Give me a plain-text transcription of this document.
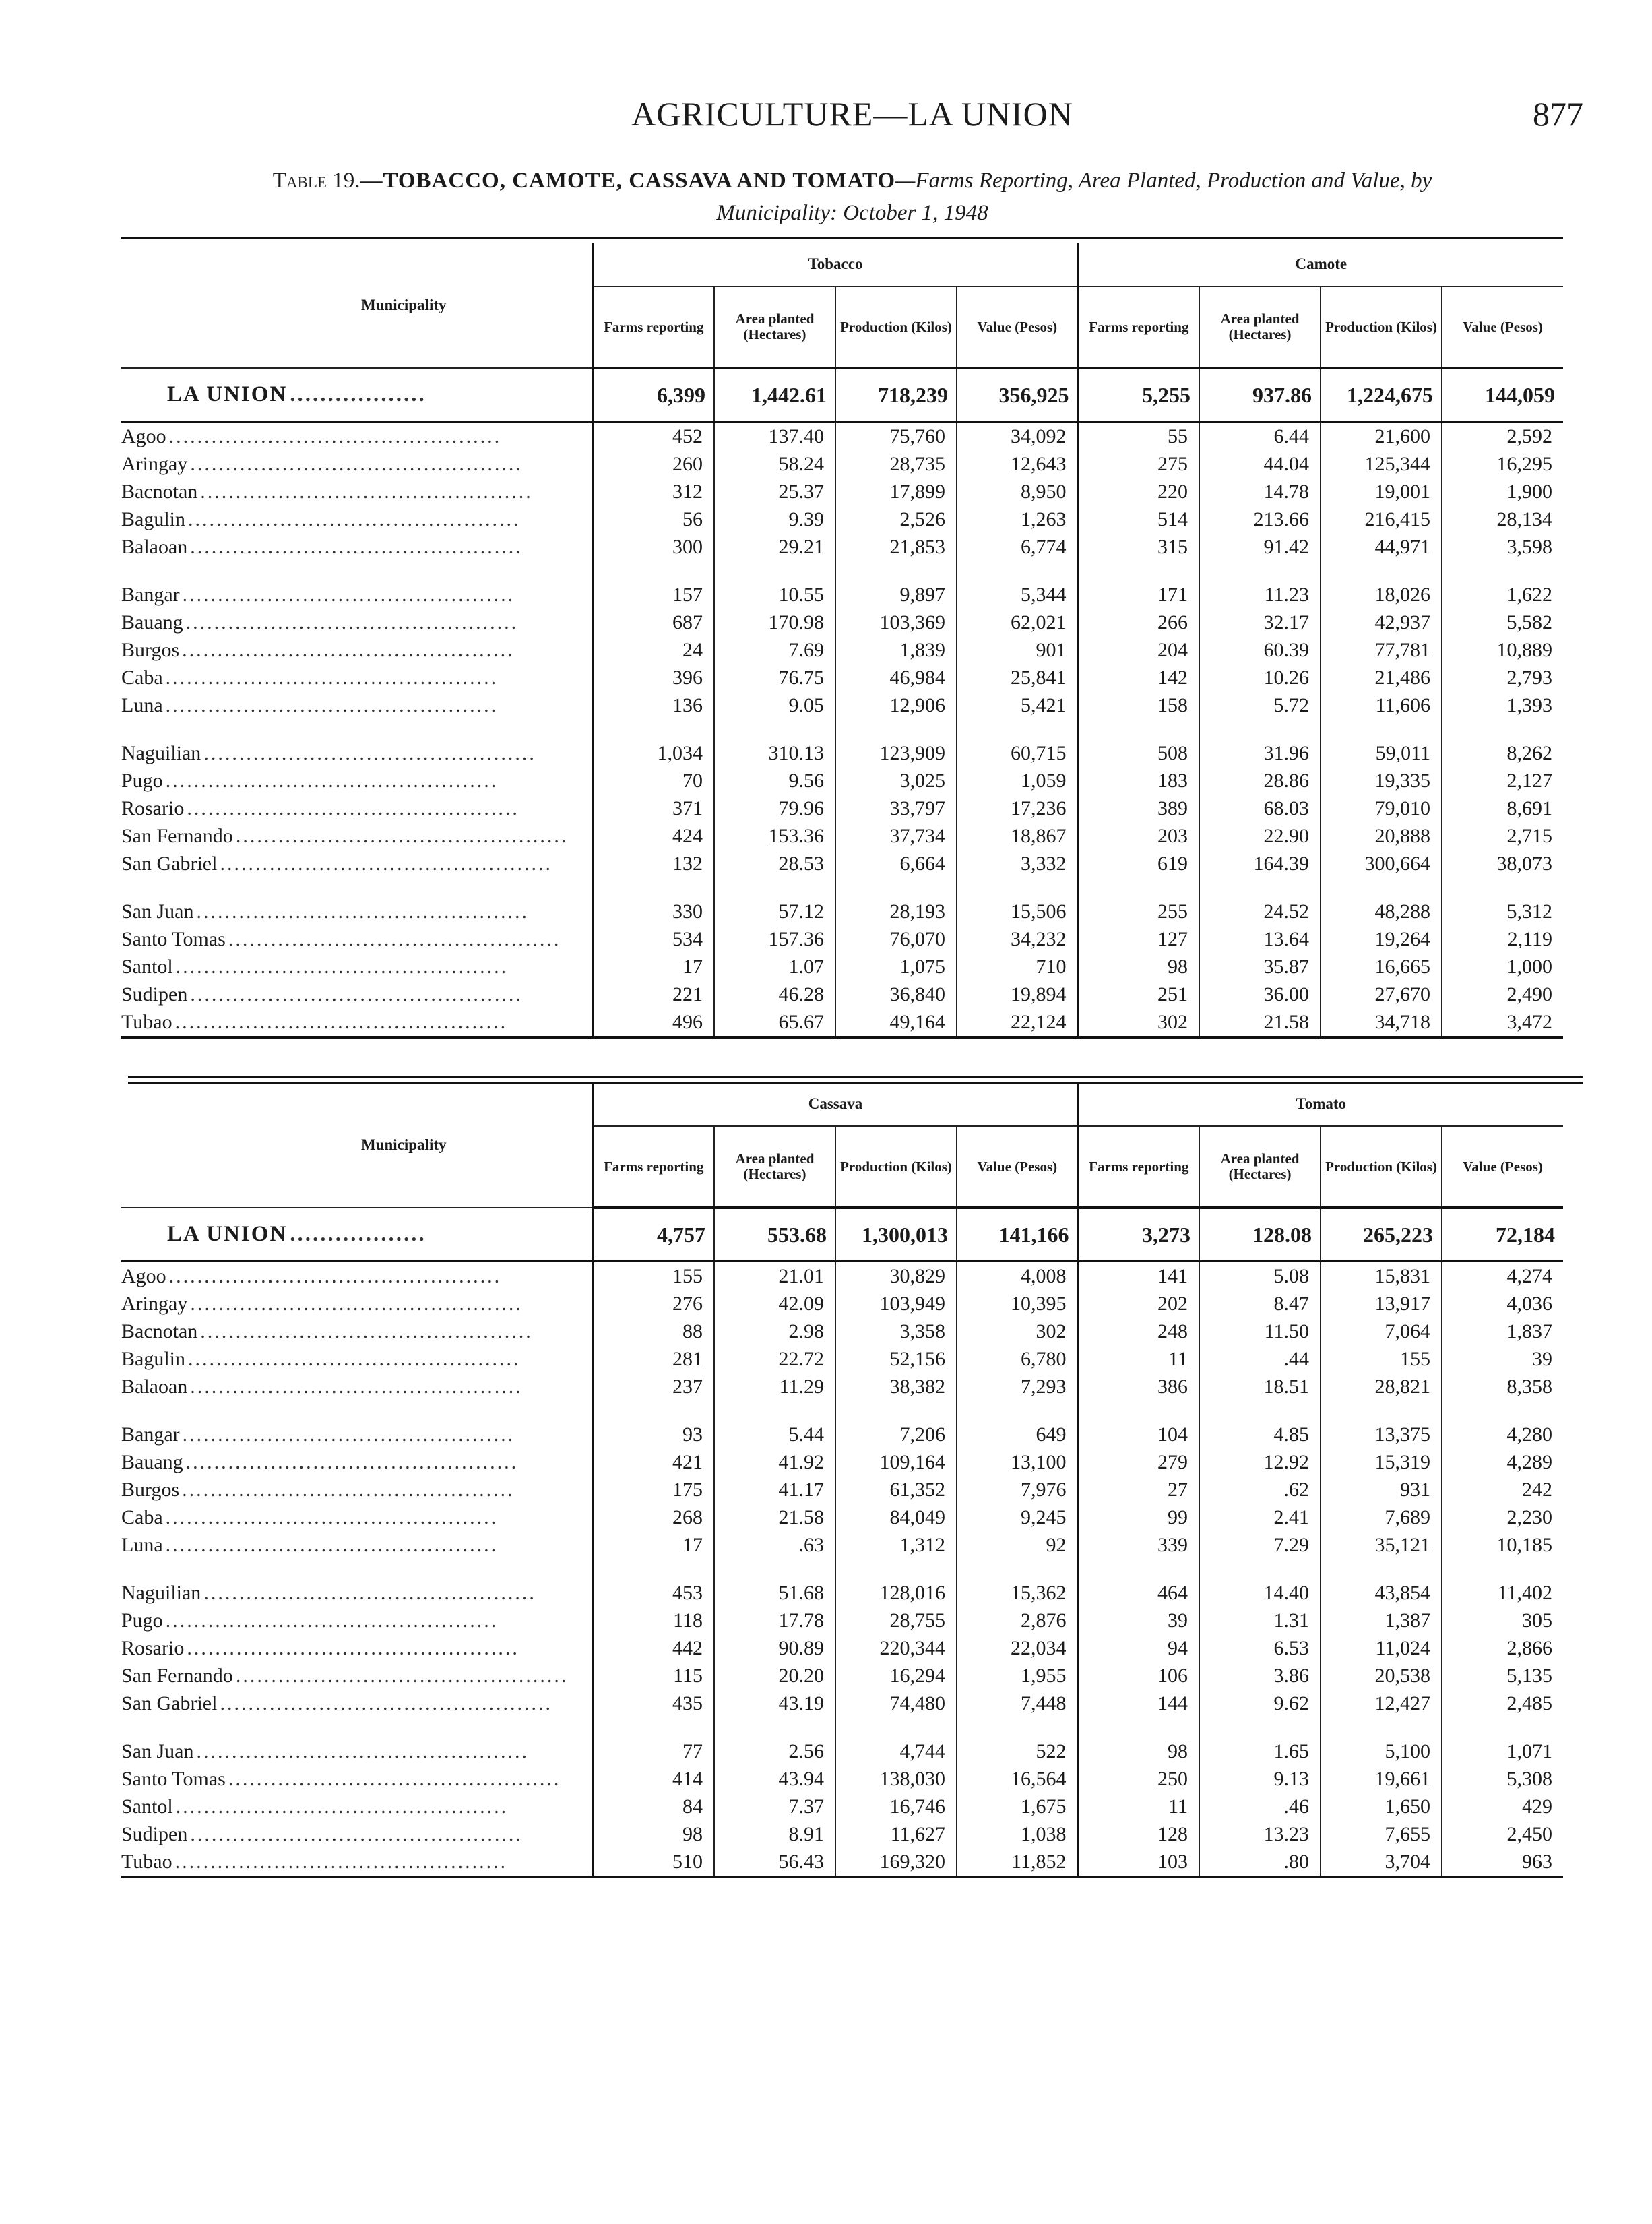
AGRICULTURE—LA UNION	877
Table 19.—TOBACCO, CAMOTE, CASSAVA AND TOMATO—Farms Reporting, Area Planted, Production and Value, by
Municipality: October 1, 1948
Municipality	Tobacco				Camote			
	Farms reporting	Area planted (Hectares)	Production (Kilos)	Value (Pesos)	Farms reporting	Area planted (Hectares)	Production (Kilos)	Value (Pesos)
LA UNION ..................	6,399	1,442.61	718,239	356,925	5,255	937.86	1,224,675	144,059
Agoo ...............................................	452	137.40	75,760	34,092	55	6.44	21,600	2,592
Aringay ...............................................	260	58.24	28,735	12,643	275	44.04	125,344	16,295
Bacnotan ...............................................	312	25.37	17,899	8,950	220	14.78	19,001	1,900
Bagulin ...............................................	56	9.39	2,526	1,263	514	213.66	216,415	28,134
Balaoan ...............................................	300	29.21	21,853	6,774	315	91.42	44,971	3,598
Bangar ...............................................	157	10.55	9,897	5,344	171	11.23	18,026	1,622
Bauang ...............................................	687	170.98	103,369	62,021	266	32.17	42,937	5,582
Burgos ...............................................	24	7.69	1,839	901	204	60.39	77,781	10,889
Caba ...............................................	396	76.75	46,984	25,841	142	10.26	21,486	2,793
Luna ...............................................	136	9.05	12,906	5,421	158	5.72	11,606	1,393
Naguilian ...............................................	1,034	310.13	123,909	60,715	508	31.96	59,011	8,262
Pugo ...............................................	70	9.56	3,025	1,059	183	28.86	19,335	2,127
Rosario ...............................................	371	79.96	33,797	17,236	389	68.03	79,010	8,691
San Fernando ...............................................	424	153.36	37,734	18,867	203	22.90	20,888	2,715
San Gabriel ...............................................	132	28.53	6,664	3,332	619	164.39	300,664	38,073
San Juan ...............................................	330	57.12	28,193	15,506	255	24.52	48,288	5,312
Santo Tomas ...............................................	534	157.36	76,070	34,232	127	13.64	19,264	2,119
Santol ...............................................	17	1.07	1,075	710	98	35.87	16,665	1,000
Sudipen ...............................................	221	46.28	36,840	19,894	251	36.00	27,670	2,490
Tubao ...............................................	496	65.67	49,164	22,124	302	21.58	34,718	3,472
Municipality	Cassava				Tomato			
	Farms reporting	Area planted (Hectares)	Production (Kilos)	Value (Pesos)	Farms reporting	Area planted (Hectares)	Production (Kilos)	Value (Pesos)
LA UNION ..................	4,757	553.68	1,300,013	141,166	3,273	128.08	265,223	72,184
Agoo ...............................................	155	21.01	30,829	4,008	141	5.08	15,831	4,274
Aringay ...............................................	276	42.09	103,949	10,395	202	8.47	13,917	4,036
Bacnotan ...............................................	88	2.98	3,358	302	248	11.50	7,064	1,837
Bagulin ...............................................	281	22.72	52,156	6,780	11	.44	155	39
Balaoan ...............................................	237	11.29	38,382	7,293	386	18.51	28,821	8,358
Bangar ...............................................	93	5.44	7,206	649	104	4.85	13,375	4,280
Bauang ...............................................	421	41.92	109,164	13,100	279	12.92	15,319	4,289
Burgos ...............................................	175	41.17	61,352	7,976	27	.62	931	242
Caba ...............................................	268	21.58	84,049	9,245	99	2.41	7,689	2,230
Luna ...............................................	17	.63	1,312	92	339	7.29	35,121	10,185
Naguilian ...............................................	453	51.68	128,016	15,362	464	14.40	43,854	11,402
Pugo ...............................................	118	17.78	28,755	2,876	39	1.31	1,387	305
Rosario ...............................................	442	90.89	220,344	22,034	94	6.53	11,024	2,866
San Fernando ...............................................	115	20.20	16,294	1,955	106	3.86	20,538	5,135
San Gabriel ...............................................	435	43.19	74,480	7,448	144	9.62	12,427	2,485
San Juan ...............................................	77	2.56	4,744	522	98	1.65	5,100	1,071
Santo Tomas ...............................................	414	43.94	138,030	16,564	250	9.13	19,661	5,308
Santol ...............................................	84	7.37	16,746	1,675	11	.46	1,650	429
Sudipen ...............................................	98	8.91	11,627	1,038	128	13.23	7,655	2,450
Tubao ...............................................	510	56.43	169,320	11,852	103	.80	3,704	963
